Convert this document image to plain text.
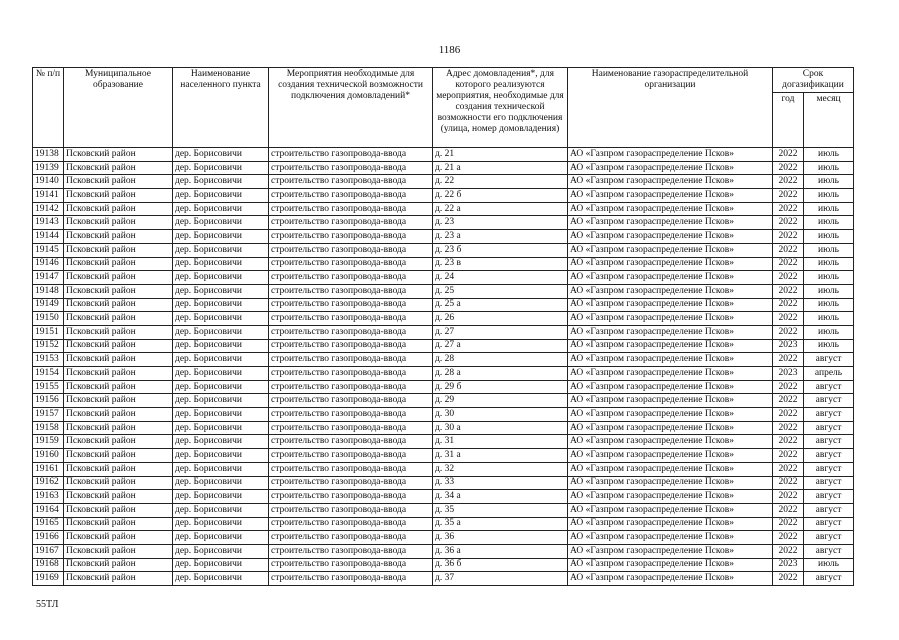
1186
№ п/п	Муниципальное образование	Наименование населенного пункта	Мероприятия необходимые для создания технической возможности подключения домовладений*	Адрес домовладения*, для которого реализуются мероприятия, необходимые для создания технической возможности его подключения (улица, номер домовладения)	Наименование газораспределительной организации	Срок догазификации	
						год	месяц
19138	Псковский район	дер. Борисовичи	строительство газопровода-ввода	д. 21	АО «Газпром газораспределение Псков»	2022	июль
19139	Псковский район	дер. Борисовичи	строительство газопровода-ввода	д. 21 а	АО «Газпром газораспределение Псков»	2022	июль
19140	Псковский район	дер. Борисовичи	строительство газопровода-ввода	д. 22	АО «Газпром газораспределение Псков»	2022	июль
19141	Псковский район	дер. Борисовичи	строительство газопровода-ввода	д. 22 б	АО «Газпром газораспределение Псков»	2022	июль
19142	Псковский район	дер. Борисовичи	строительство газопровода-ввода	д. 22 а	АО «Газпром газораспределение Псков»	2022	июль
19143	Псковский район	дер. Борисовичи	строительство газопровода-ввода	д. 23	АО «Газпром газораспределение Псков»	2022	июль
19144	Псковский район	дер. Борисовичи	строительство газопровода-ввода	д. 23 а	АО «Газпром газораспределение Псков»	2022	июль
19145	Псковский район	дер. Борисовичи	строительство газопровода-ввода	д. 23 б	АО «Газпром газораспределение Псков»	2022	июль
19146	Псковский район	дер. Борисовичи	строительство газопровода-ввода	д. 23 в	АО «Газпром газораспределение Псков»	2022	июль
19147	Псковский район	дер. Борисовичи	строительство газопровода-ввода	д. 24	АО «Газпром газораспределение Псков»	2022	июль
19148	Псковский район	дер. Борисовичи	строительство газопровода-ввода	д. 25	АО «Газпром газораспределение Псков»	2022	июль
19149	Псковский район	дер. Борисовичи	строительство газопровода-ввода	д. 25 а	АО «Газпром газораспределение Псков»	2022	июль
19150	Псковский район	дер. Борисовичи	строительство газопровода-ввода	д. 26	АО «Газпром газораспределение Псков»	2022	июль
19151	Псковский район	дер. Борисовичи	строительство газопровода-ввода	д. 27	АО «Газпром газораспределение Псков»	2022	июль
19152	Псковский район	дер. Борисовичи	строительство газопровода-ввода	д. 27 а	АО «Газпром газораспределение Псков»	2023	июль
19153	Псковский район	дер. Борисовичи	строительство газопровода-ввода	д. 28	АО «Газпром газораспределение Псков»	2022	август
19154	Псковский район	дер. Борисовичи	строительство газопровода-ввода	д. 28 а	АО «Газпром газораспределение Псков»	2023	апрель
19155	Псковский район	дер. Борисовичи	строительство газопровода-ввода	д. 29 б	АО «Газпром газораспределение Псков»	2022	август
19156	Псковский район	дер. Борисовичи	строительство газопровода-ввода	д. 29	АО «Газпром газораспределение Псков»	2022	август
19157	Псковский район	дер. Борисовичи	строительство газопровода-ввода	д. 30	АО «Газпром газораспределение Псков»	2022	август
19158	Псковский район	дер. Борисовичи	строительство газопровода-ввода	д. 30 а	АО «Газпром газораспределение Псков»	2022	август
19159	Псковский район	дер. Борисовичи	строительство газопровода-ввода	д. 31	АО «Газпром газораспределение Псков»	2022	август
19160	Псковский район	дер. Борисовичи	строительство газопровода-ввода	д. 31 а	АО «Газпром газораспределение Псков»	2022	август
19161	Псковский район	дер. Борисовичи	строительство газопровода-ввода	д. 32	АО «Газпром газораспределение Псков»	2022	август
19162	Псковский район	дер. Борисовичи	строительство газопровода-ввода	д. 33	АО «Газпром газораспределение Псков»	2022	август
19163	Псковский район	дер. Борисовичи	строительство газопровода-ввода	д. 34 а	АО «Газпром газораспределение Псков»	2022	август
19164	Псковский район	дер. Борисовичи	строительство газопровода-ввода	д. 35	АО «Газпром газораспределение Псков»	2022	август
19165	Псковский район	дер. Борисовичи	строительство газопровода-ввода	д. 35 а	АО «Газпром газораспределение Псков»	2022	август
19166	Псковский район	дер. Борисовичи	строительство газопровода-ввода	д. 36	АО «Газпром газораспределение Псков»	2022	август
19167	Псковский район	дер. Борисовичи	строительство газопровода-ввода	д. 36 а	АО «Газпром газораспределение Псков»	2022	август
19168	Псковский район	дер. Борисовичи	строительство газопровода-ввода	д. 36 б	АО «Газпром газораспределение Псков»	2023	июль
19169	Псковский район	дер. Борисовичи	строительство газопровода-ввода	д. 37	АО «Газпром газораспределение Псков»	2022	август
55ТЛ
